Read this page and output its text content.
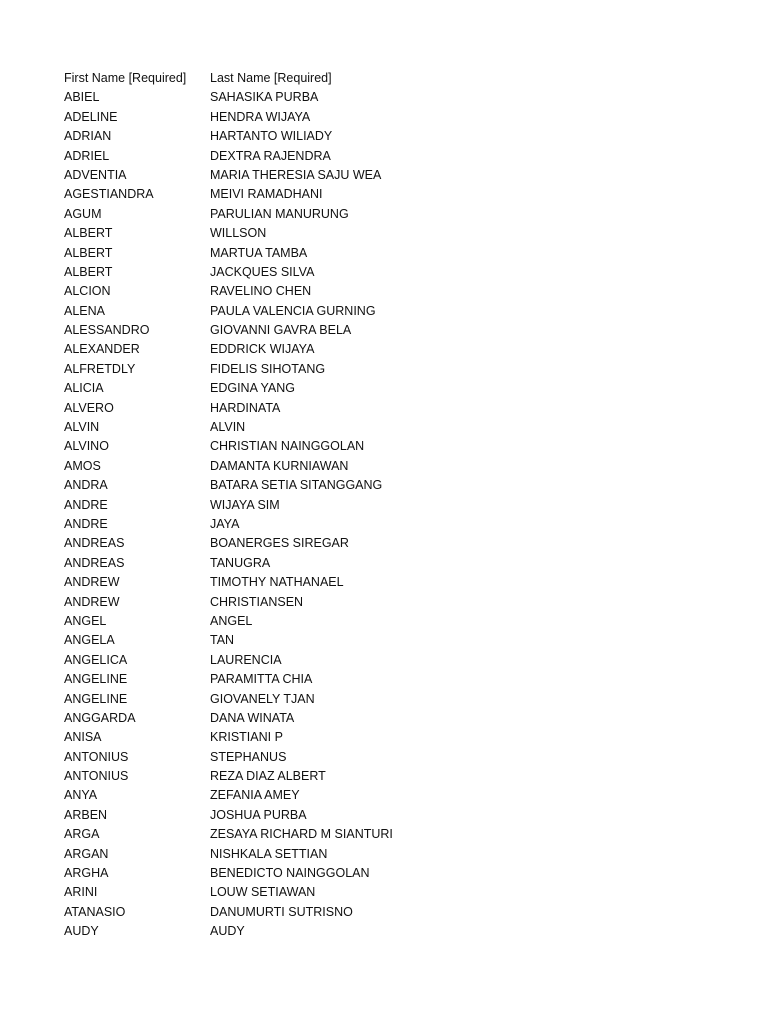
First Name [Required]	Last Name [Required]
ABIEL	SAHASIKA PURBA
ADELINE	HENDRA WIJAYA
ADRIAN	HARTANTO WILIADY
ADRIEL	DEXTRA RAJENDRA
ADVENTIA	MARIA THERESIA SAJU WEA
AGESTIANDRA	MEIVI RAMADHANI
AGUM	PARULIAN MANURUNG
ALBERT	WILLSON
ALBERT	MARTUA TAMBA
ALBERT	JACKQUES SILVA
ALCION	RAVELINO CHEN
ALENA	PAULA VALENCIA GURNING
ALESSANDRO	GIOVANNI GAVRA BELA
ALEXANDER	EDDRICK WIJAYA
ALFRETDLY	FIDELIS SIHOTANG
ALICIA	EDGINA YANG
ALVERO	HARDINATA
ALVIN	ALVIN
ALVINO	CHRISTIAN NAINGGOLAN
AMOS	DAMANTA KURNIAWAN
ANDRA	BATARA SETIA SITANGGANG
ANDRE	WIJAYA SIM
ANDRE	JAYA
ANDREAS	BOANERGES SIREGAR
ANDREAS	TANUGRA
ANDREW	TIMOTHY NATHANAEL
ANDREW	CHRISTIANSEN
ANGEL	ANGEL
ANGELA	TAN
ANGELICA	LAURENCIA
ANGELINE	PARAMITTA CHIA
ANGELINE	GIOVANELY TJAN
ANGGARDA	DANA WINATA
ANISA	KRISTIANI P
ANTONIUS	STEPHANUS
ANTONIUS	REZA DIAZ ALBERT
ANYA	ZEFANIA AMEY
ARBEN	JOSHUA PURBA
ARGA	ZESAYA RICHARD M SIANTURI
ARGAN	NISHKALA SETTIAN
ARGHA	BENEDICTO NAINGGOLAN
ARINI	LOUW SETIAWAN
ATANASIO	DANUMURTI SUTRISNO
AUDY	AUDY
